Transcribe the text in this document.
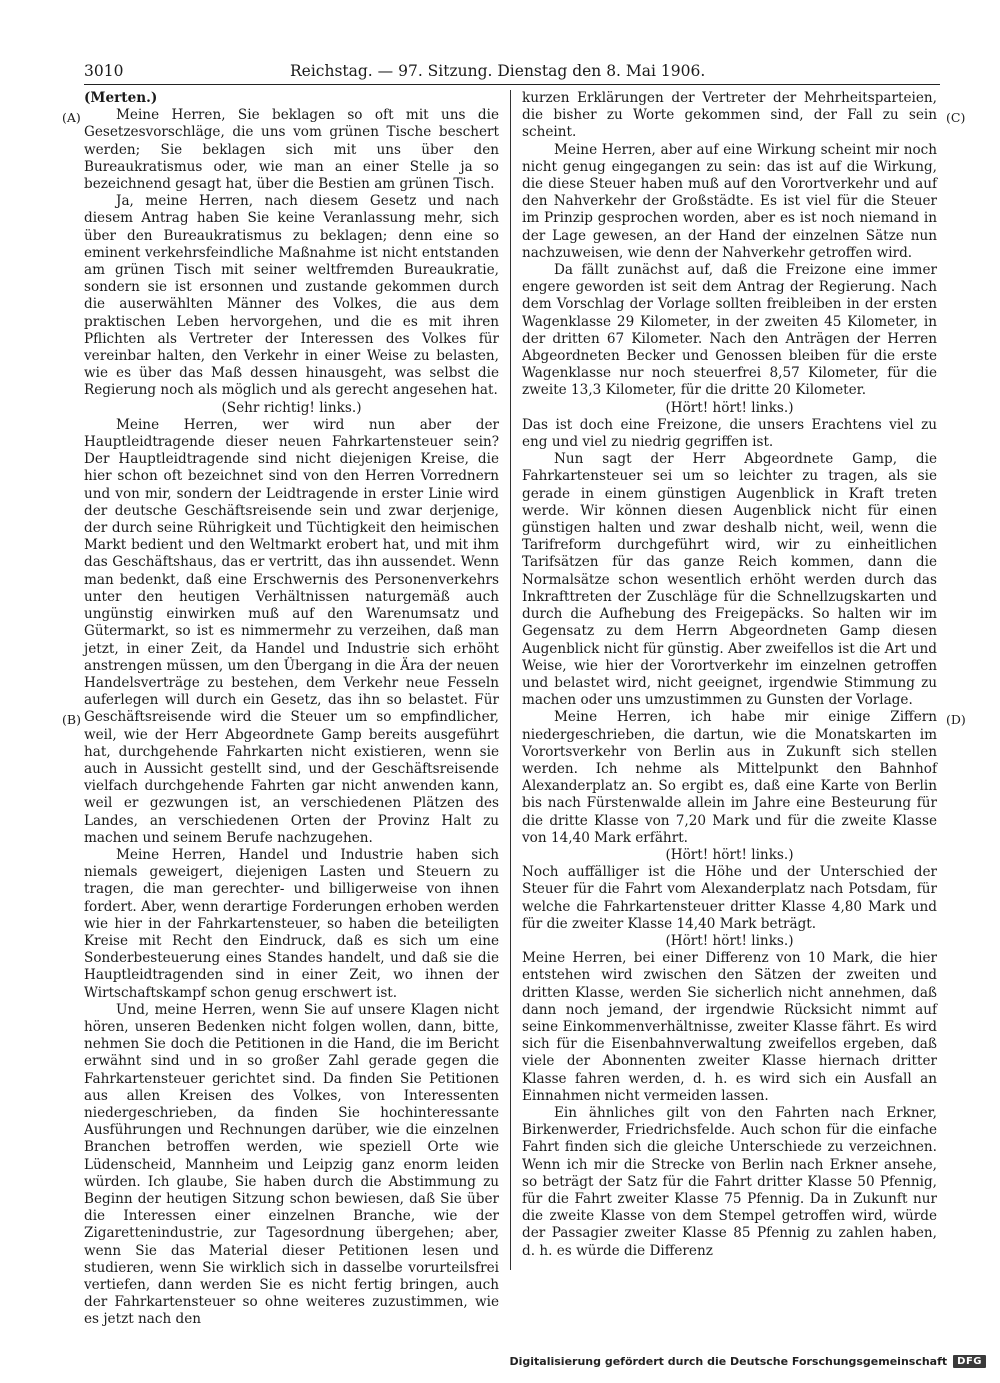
3010	Reichstag. — 97. Sitzung. Dienstag den 8. Mai 1906.
(A)
(B)
(C)
(D)
(Merten.)

Meine Herren, Sie beklagen so oft mit uns die Gesetzesvorschläge, die uns vom grünen Tische beschert werden; Sie beklagen sich mit uns über den Bureaukratismus oder, wie man an einer Stelle ja so bezeichnend gesagt hat, über die Bestien am grünen Tisch.

Ja, meine Herren, nach diesem Gesetz und nach diesem Antrag haben Sie keine Veranlassung mehr, sich über den Bureaukratismus zu beklagen; denn eine so eminent verkehrsfeindliche Maßnahme ist nicht entstanden am grünen Tisch mit seiner weltfremden Bureaukratie, sondern sie ist ersonnen und zustande gekommen durch die auserwählten Männer des Volkes, die aus dem praktischen Leben hervorgehen, und die es mit ihren Pflichten als Vertreter der Interessen des Volkes für vereinbar halten, den Verkehr in einer Weise zu belasten, wie es über das Maß dessen hinausgeht, was selbst die Regierung noch als möglich und als gerecht angesehen hat.

(Sehr richtig! links.)

Meine Herren, wer wird nun aber der Hauptleidtragende dieser neuen Fahrkartensteuer sein? Der Hauptleidtragende sind nicht diejenigen Kreise, die hier schon oft bezeichnet sind von den Herren Vorrednern und von mir, sondern der Leidtragende in erster Linie wird der deutsche Geschäftsreisende sein und zwar derjenige, der durch seine Rührigkeit und Tüchtigkeit den heimischen Markt bedient und den Weltmarkt erobert hat, und mit ihm das Geschäftshaus, das er vertritt, das ihn aussendet. Wenn man bedenkt, daß eine Erschwernis des Personenverkehrs unter den heutigen Verhältnissen naturgemäß auch ungünstig einwirken muß auf den Warenumsatz und Gütermarkt, so ist es nimmermehr zu verzeihen, daß man jetzt, in einer Zeit, da Handel und Industrie sich erhöht anstrengen müssen, um den Übergang in die Ära der neuen Handelsverträge zu bestehen, dem Verkehr neue Fesseln auferlegen will durch ein Gesetz, das ihn so belastet. Für Geschäftsreisende wird die Steuer um so empfindlicher, weil, wie der Herr Abgeordnete Gamp bereits ausgeführt hat, durchgehende Fahrkarten nicht existieren, wenn sie auch in Aussicht gestellt sind, und der Geschäftsreisende vielfach durchgehende Fahrten gar nicht anwenden kann, weil er gezwungen ist, an verschiedenen Plätzen des Landes, an verschiedenen Orten der Provinz Halt zu machen und seinem Berufe nachzugehen.

Meine Herren, Handel und Industrie haben sich niemals geweigert, diejenigen Lasten und Steuern zu tragen, die man gerechter- und billigerweise von ihnen fordert. Aber, wenn derartige Forderungen erhoben werden wie hier in der Fahrkartensteuer, so haben die beteiligten Kreise mit Recht den Eindruck, daß es sich um eine Sonderbesteuerung eines Standes handelt, und daß sie die Hauptleidtragenden sind in einer Zeit, wo ihnen der Wirtschaftskampf schon genug erschwert ist.

Und, meine Herren, wenn Sie auf unsere Klagen nicht hören, unseren Bedenken nicht folgen wollen, dann, bitte, nehmen Sie doch die Petitionen in die Hand, die im Bericht erwähnt sind und in so großer Zahl gerade gegen die Fahrkartensteuer gerichtet sind. Da finden Sie Petitionen aus allen Kreisen des Volkes, von Interessenten niedergeschrieben, da finden Sie hochinteressante Ausführungen und Rechnungen darüber, wie die einzelnen Branchen betroffen werden, wie speziell Orte wie Lüdenscheid, Mannheim und Leipzig ganz enorm leiden würden. Ich glaube, Sie haben durch die Abstimmung zu Beginn der heutigen Sitzung schon bewiesen, daß Sie über die Interessen einer einzelnen Branche, wie der Zigarettenindustrie, zur Tagesordnung übergehen; aber, wenn Sie das Material dieser Petitionen lesen und studieren, wenn Sie wirklich sich in dasselbe vorurteilsfrei vertiefen, dann werden Sie es nicht fertig bringen, auch der Fahrkartensteuer so ohne weiteres zuzustimmen, wie es jetzt nach den

kurzen Erklärungen der Vertreter der Mehrheitsparteien, die bisher zu Worte gekommen sind, der Fall zu sein scheint.

Meine Herren, aber auf eine Wirkung scheint mir noch nicht genug eingegangen zu sein: das ist auf die Wirkung, die diese Steuer haben muß auf den Vorortverkehr und auf den Nahverkehr der Großstädte. Es ist viel für die Steuer im Prinzip gesprochen worden, aber es ist noch niemand in der Lage gewesen, an der Hand der einzelnen Sätze nun nachzuweisen, wie denn der Nahverkehr getroffen wird.

Da fällt zunächst auf, daß die Freizone eine immer engere geworden ist seit dem Antrag der Regierung. Nach dem Vorschlag der Vorlage sollten freibleiben in der ersten Wagenklasse 29 Kilometer, in der zweiten 45 Kilometer, in der dritten 67 Kilometer. Nach den Anträgen der Herren Abgeordneten Becker und Genossen bleiben für die erste Wagenklasse nur noch steuerfrei 8,57 Kilometer, für die zweite 13,3 Kilometer, für die dritte 20 Kilometer.

(Hört! hört! links.)

Das ist doch eine Freizone, die unsers Erachtens viel zu eng und viel zu niedrig gegriffen ist.

Nun sagt der Herr Abgeordnete Gamp, die Fahrkartensteuer sei um so leichter zu tragen, als sie gerade in einem günstigen Augenblick in Kraft treten werde. Wir können diesen Augenblick nicht für einen günstigen halten und zwar deshalb nicht, weil, wenn die Tarifreform durchgeführt wird, wir zu einheitlichen Tarifsätzen für das ganze Reich kommen, dann die Normalsätze schon wesentlich erhöht werden durch das Inkrafttreten der Zuschläge für die Schnellzugskarten und durch die Aufhebung des Freigepäcks. So halten wir im Gegensatz zu dem Herrn Abgeordneten Gamp diesen Augenblick nicht für günstig. Aber zweifellos ist die Art und Weise, wie hier der Vorortverkehr im einzelnen getroffen und belastet wird, nicht geeignet, irgendwie Stimmung zu machen oder uns umzustimmen zu Gunsten der Vorlage.

Meine Herren, ich habe mir einige Ziffern niedergeschrieben, die dartun, wie die Monatskarten im Vorortsverkehr von Berlin aus in Zukunft sich stellen werden. Ich nehme als Mittelpunkt den Bahnhof Alexanderplatz an. So ergibt es, daß eine Karte von Berlin bis nach Fürstenwalde allein im Jahre eine Besteurung für die dritte Klasse von 7,20 Mark und für die zweite Klasse von 14,40 Mark erfährt.

(Hört! hört! links.)

Noch auffälliger ist die Höhe und der Unterschied der Steuer für die Fahrt vom Alexanderplatz nach Potsdam, für welche die Fahrkartensteuer dritter Klasse 4,80 Mark und für die zweiter Klasse 14,40 Mark beträgt.

(Hört! hört! links.)

Meine Herren, bei einer Differenz von 10 Mark, die hier entstehen wird zwischen den Sätzen der zweiten und dritten Klasse, werden Sie sicherlich nicht annehmen, daß dann noch jemand, der irgendwie Rücksicht nimmt auf seine Einkommenverhältnisse, zweiter Klasse fährt. Es wird sich für die Eisenbahnverwaltung zweifellos ergeben, daß viele der Abonnenten zweiter Klasse hiernach dritter Klasse fahren werden, d. h. es wird sich ein Ausfall an Einnahmen nicht vermeiden lassen.

Ein ähnliches gilt von den Fahrten nach Erkner, Birkenwerder, Friedrichsfelde. Auch schon für die einfache Fahrt finden sich die gleiche Unterschiede zu verzeichnen. Wenn ich mir die Strecke von Berlin nach Erkner ansehe, so beträgt der Satz für die Fahrt dritter Klasse 50 Pfennig, für die Fahrt zweiter Klasse 75 Pfennig. Da in Zukunft nur die zweite Klasse von dem Stempel getroffen wird, würde der Passagier zweiter Klasse 85 Pfennig zu zahlen haben, d. h. es würde die Differenz

Digitalisierung gefördert durch die Deutsche Forschungsgemeinschaft	DFG
